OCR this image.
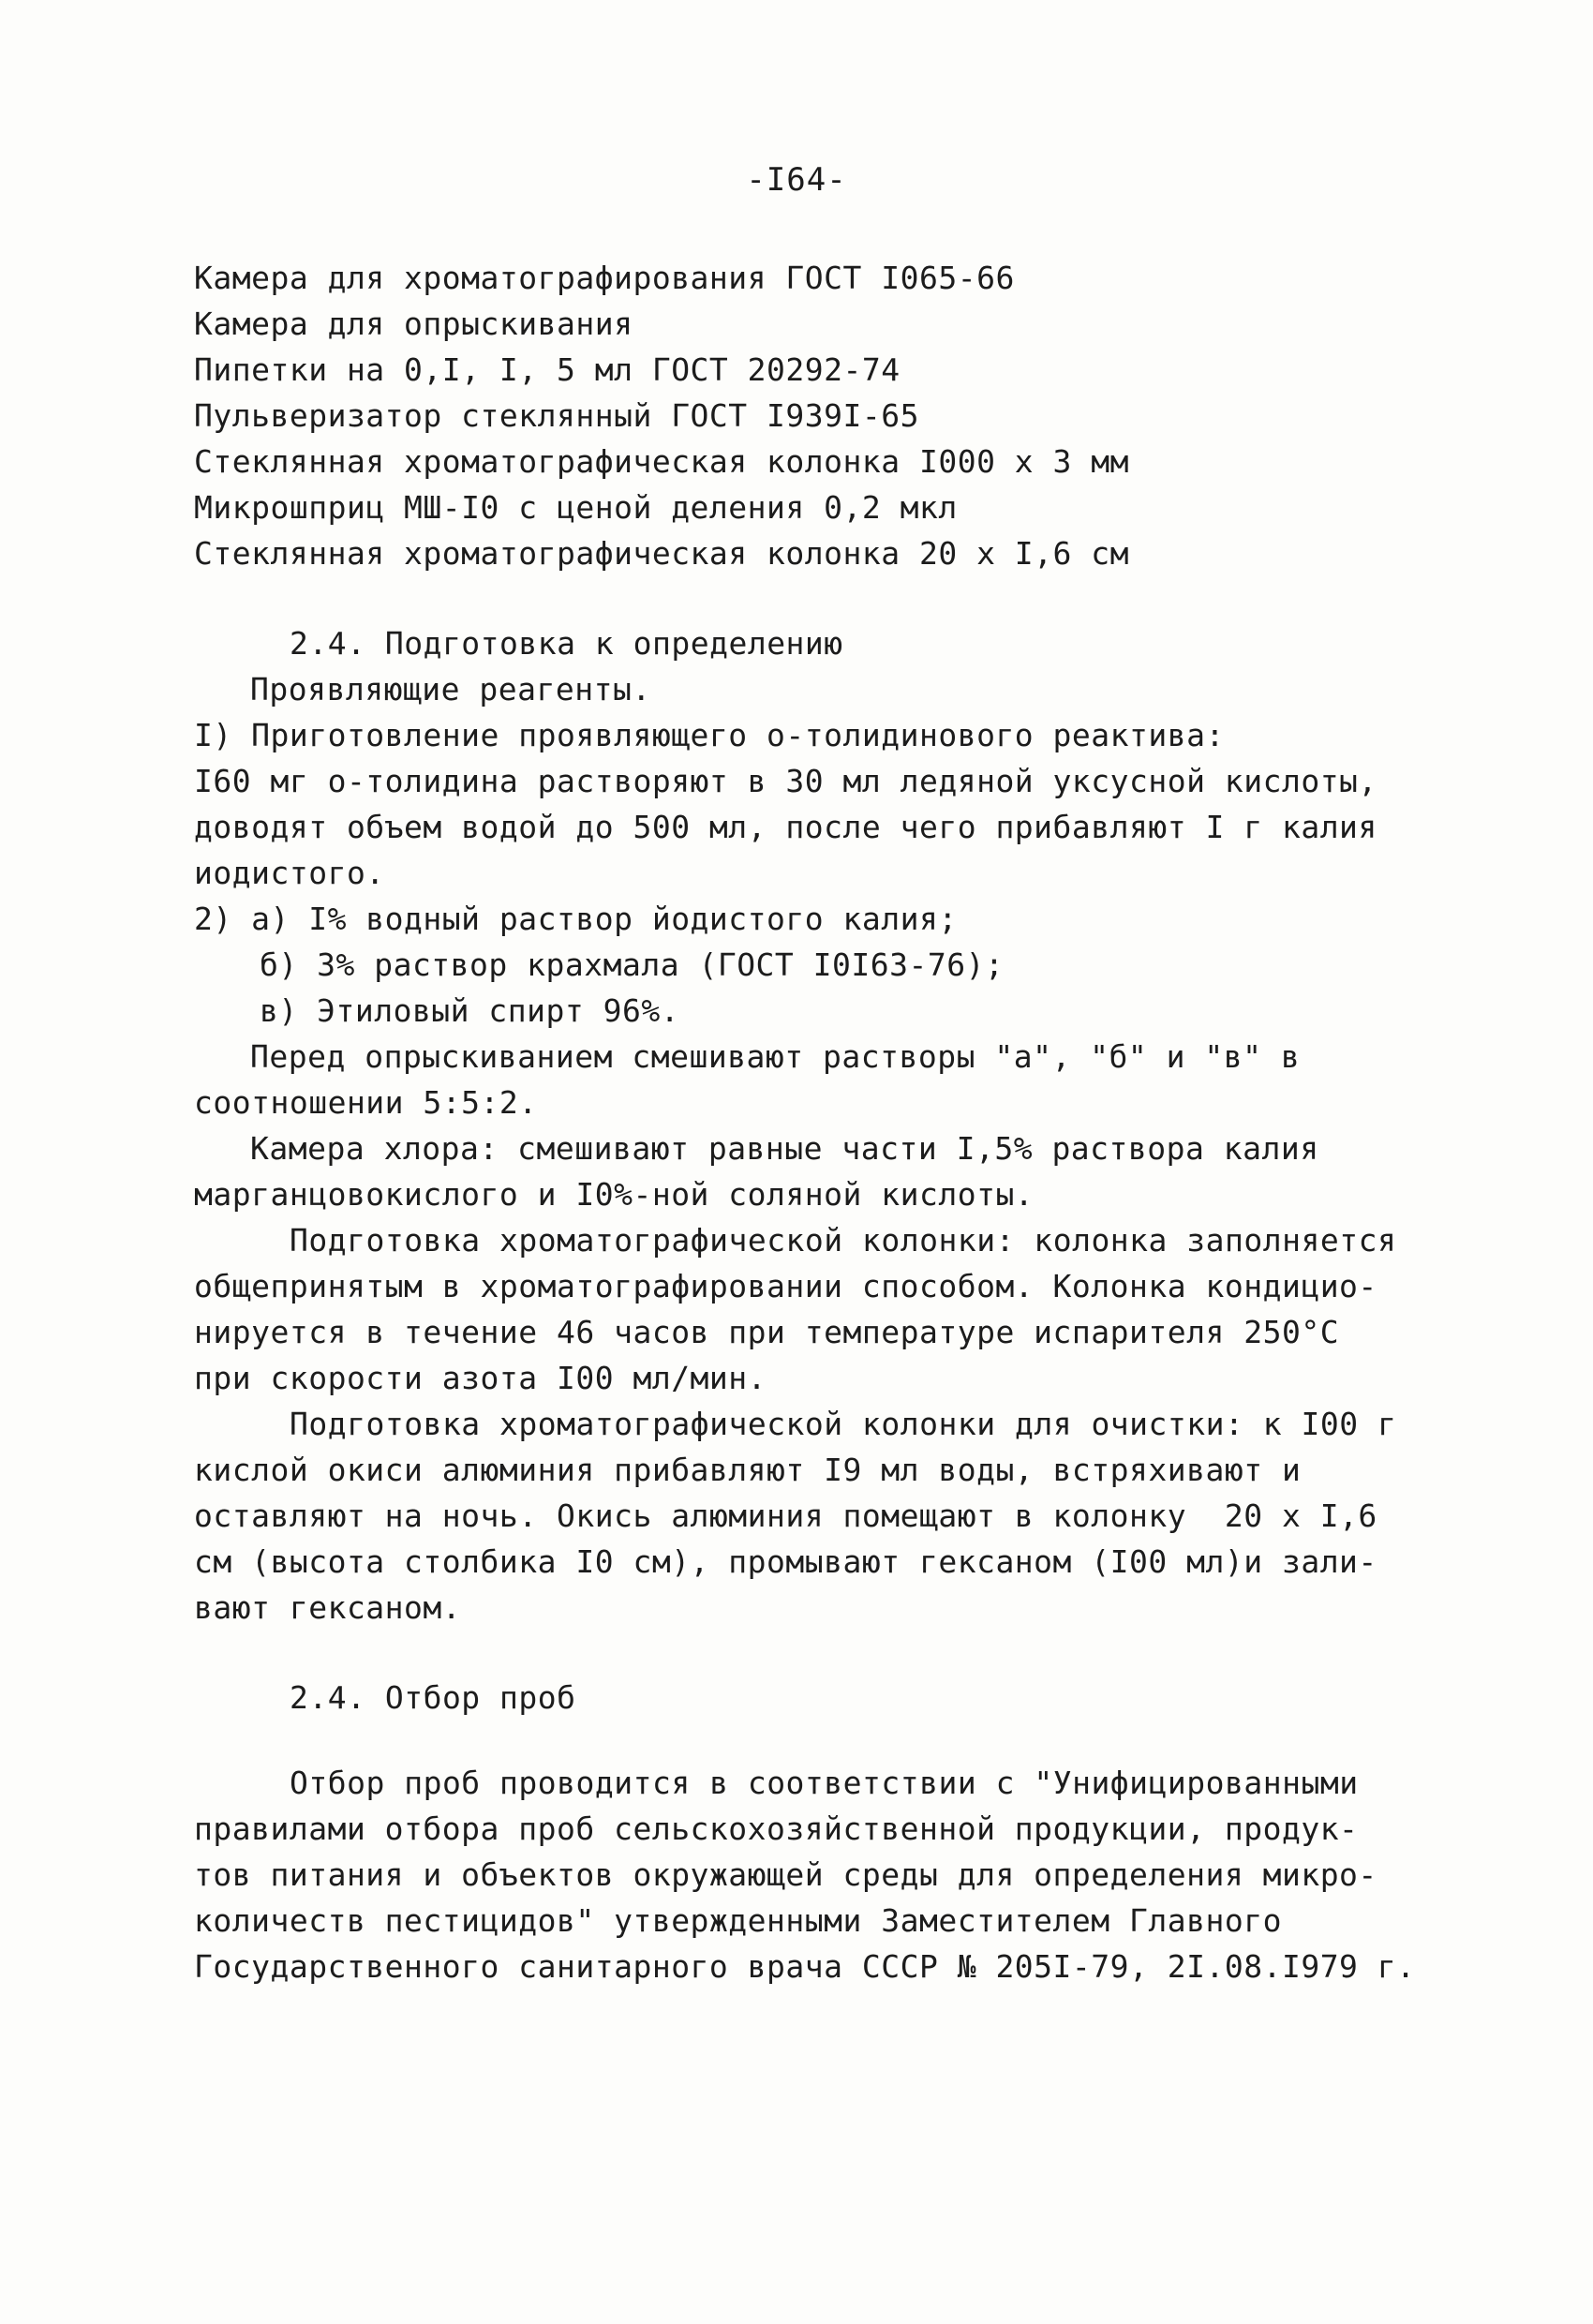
-I64-
Камера для хроматографирования ГОСТ I065-66
Камера для опрыскивания
Пипетки на 0,I, I, 5 мл ГОСТ 20292-74
Пульверизатор стеклянный ГОСТ I939I-65
Стеклянная хроматографическая колонка I000 х 3 мм
Микрошприц МШ-I0 с ценой деления 0,2 мкл
Стеклянная хроматографическая колонка 20 х I,6 см
2.4. Подготовка к определению
Проявляющие реагенты.
I) Приготовление проявляющего о-толидинового реактива:
I60 мг о-толидина растворяют в 30 мл ледяной уксусной кислоты,
доводят объем водой до 500 мл, после чего прибавляют I г калия
иодистого.
2) а) I% водный раствор йодистого калия;
б) 3% раствор крахмала (ГОСТ I0I63-76);
в) Этиловый спирт 96%.
Перед опрыскиванием смешивают растворы "а", "б" и "в" в
соотношении 5:5:2.
Камера хлора: смешивают равные части I,5% раствора калия
марганцовокислого и I0%-ной соляной кислоты.
Подготовка хроматографической колонки: колонка заполняется
общепринятым в хроматографировании способом. Колонка кондицио-
нируется в течение 46 часов при температуре испарителя 250°С
при скорости азота I00 мл/мин.
Подготовка хроматографической колонки для очистки: к I00 г
кислой окиси алюминия прибавляют I9 мл воды, встряхивают и
оставляют на ночь. Окись алюминия помещают в колонку  20 х I,6
см (высота столбика I0 см), промывают гексаном (I00 мл)и зали-
вают гексаном.
2.4. Отбор проб
Отбор проб проводится в соответствии с "Унифицированными
правилами отбора проб сельскохозяйственной продукции, продук-
тов питания и объектов окружающей среды для определения микро-
количеств пестицидов" утвержденными Заместителем Главного
Государственного санитарного врача СССР № 205I-79, 2I.08.I979 г.
